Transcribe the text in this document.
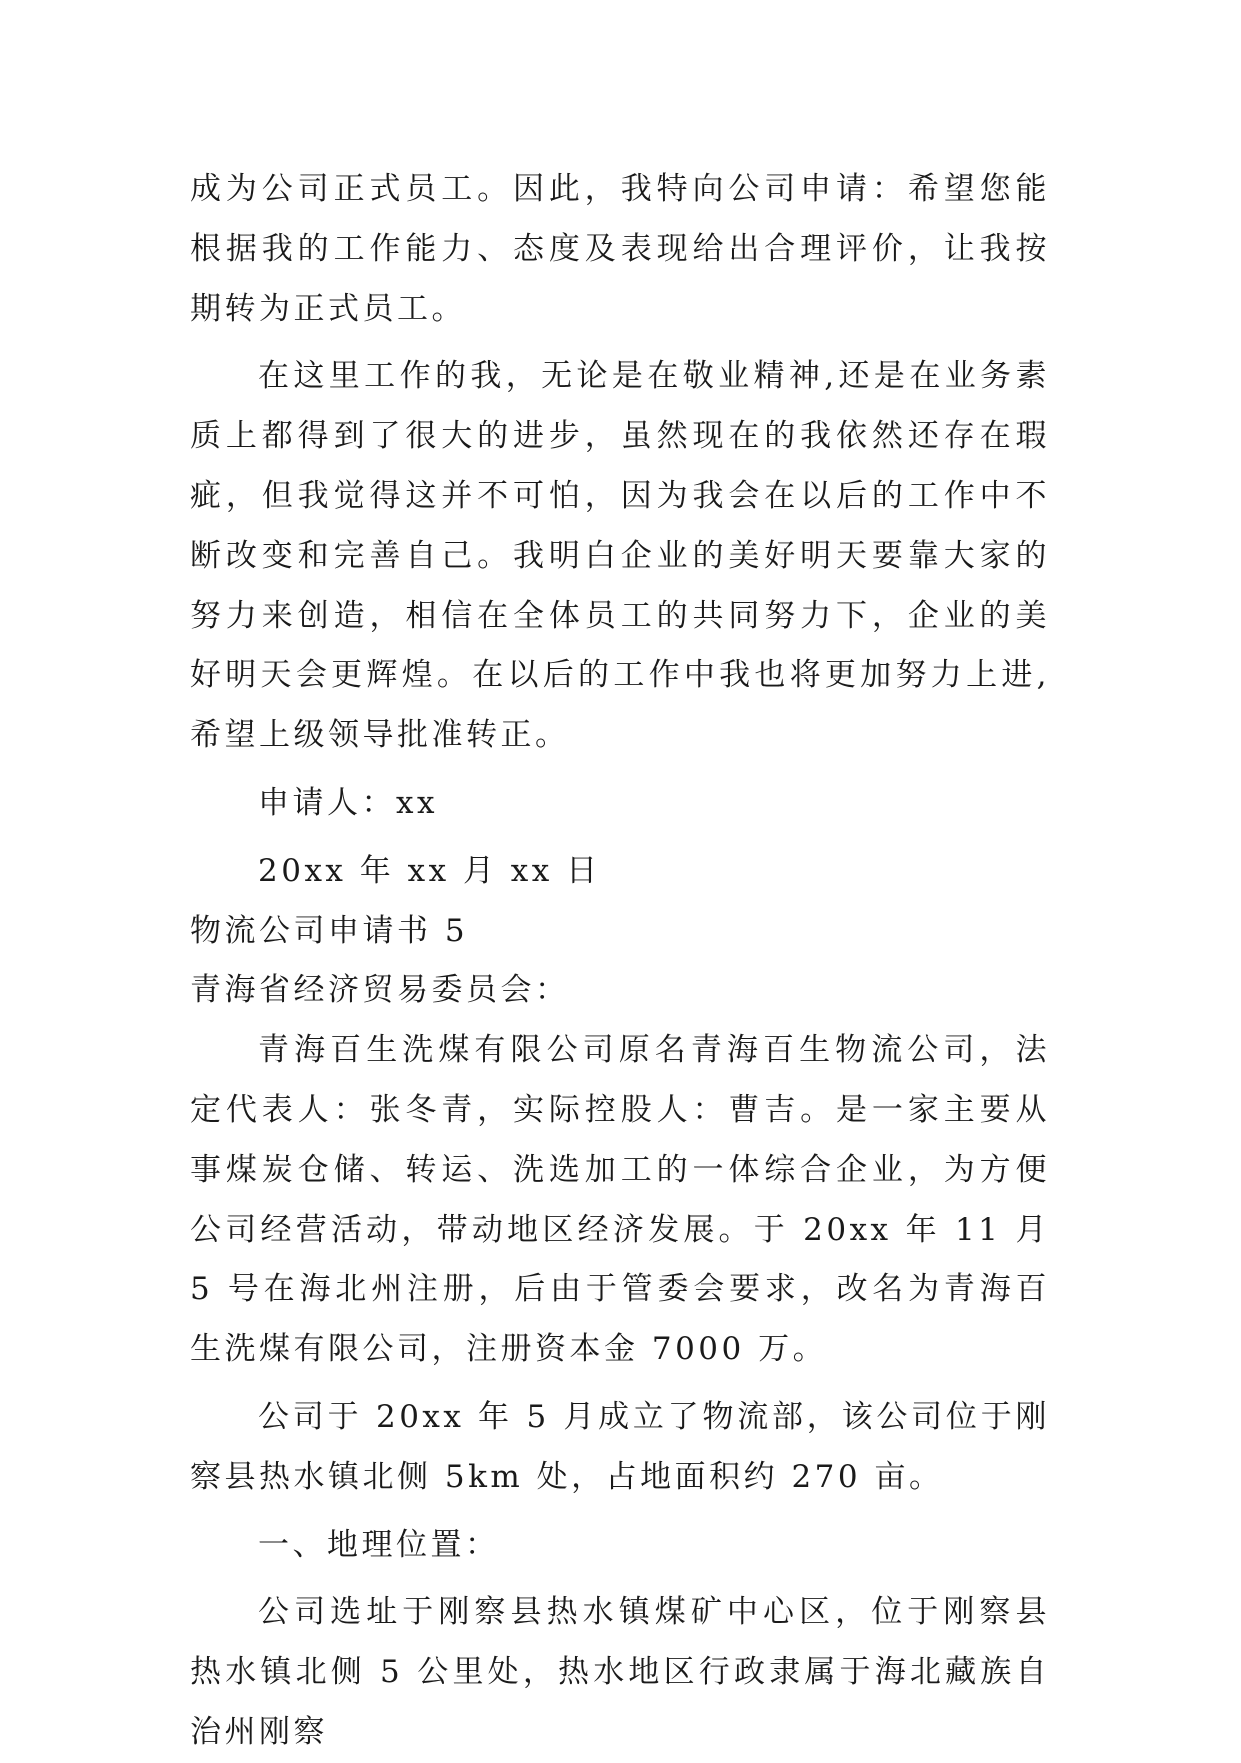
成为公司正式员工。因此，我特向公司申请：希望您能根据我的工作能力、态度及表现给出合理评价，让我按期转为正式员工。

在这里工作的我，无论是在敬业精神,还是在业务素质上都得到了很大的进步，虽然现在的我依然还存在瑕疵，但我觉得这并不可怕，因为我会在以后的工作中不断改变和完善自己。我明白企业的美好明天要靠大家的努力来创造，相信在全体员工的共同努力下，企业的美好明天会更辉煌。在以后的工作中我也将更加努力上进,希望上级领导批准转正。

申请人：xx

20xx 年 xx 月 xx 日

物流公司申请书 5

青海省经济贸易委员会：

青海百生洗煤有限公司原名青海百生物流公司，法定代表人：张冬青，实际控股人：曹吉。是一家主要从事煤炭仓储、转运、洗选加工的一体综合企业，为方便公司经营活动，带动地区经济发展。于 20xx 年 11 月 5 号在海北州注册，后由于管委会要求，改名为青海百生洗煤有限公司，注册资本金 7000 万。

公司于 20xx 年 5 月成立了物流部，该公司位于刚察县热水镇北侧 5km 处，占地面积约 270 亩。

一、地理位置：

公司选址于刚察县热水镇煤矿中心区，位于刚察县热水镇北侧 5 公里处，热水地区行政隶属于海北藏族自治州刚察
